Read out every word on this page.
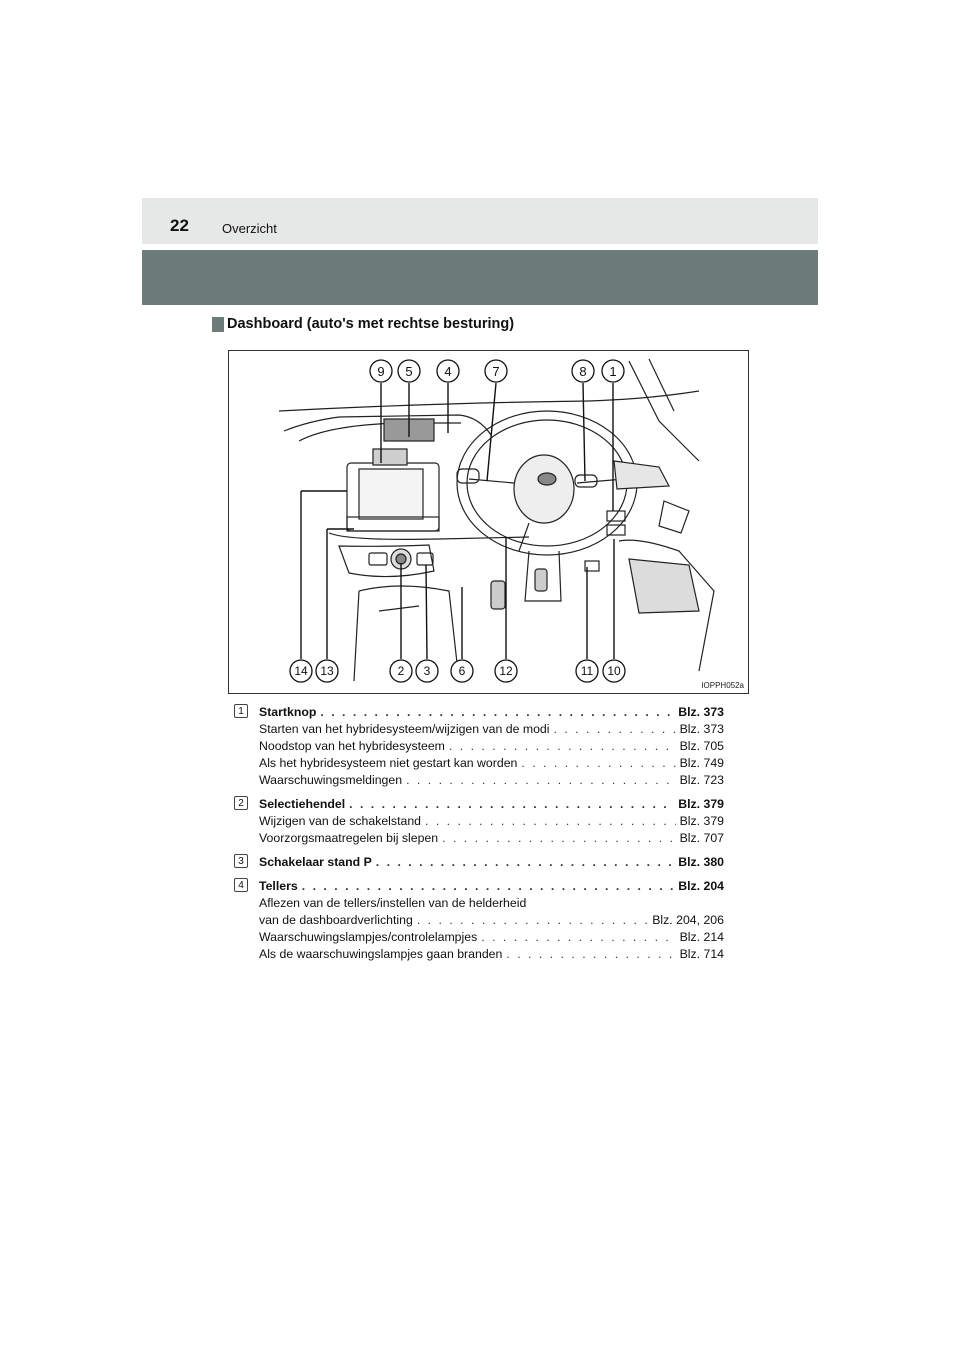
22	Overzicht
Dashboard (auto's met rechtse besturing)
9 5 4	7	8 1
14 13	2 3 6	12	11 10
IOPPH052a
1	Startknop . . .	Blz. 373
Starten van het hybridesysteem/wijzigen van de modi . . .	Blz. 373
Noodstop van het hybridesysteem . . .	Blz. 705
Als het hybridesysteem niet gestart kan worden . . .	Blz. 749
Waarschuwingsmeldingen . . .	Blz. 723
2	Selectiehendel . . .	Blz. 379
Wijzigen van de schakelstand . . .	Blz. 379
Voorzorgsmaatregelen bij slepen . . .	Blz. 707
3	Schakelaar stand P . . .	Blz. 380
4	Tellers . . .	Blz. 204
Aflezen van de tellers/instellen van de helderheid
van de dashboardverlichting . . .	Blz. 204, 206
Waarschuwingslampjes/controlelampjes . . .	Blz. 214
Als de waarschuwingslampjes gaan branden . . .	Blz. 714
